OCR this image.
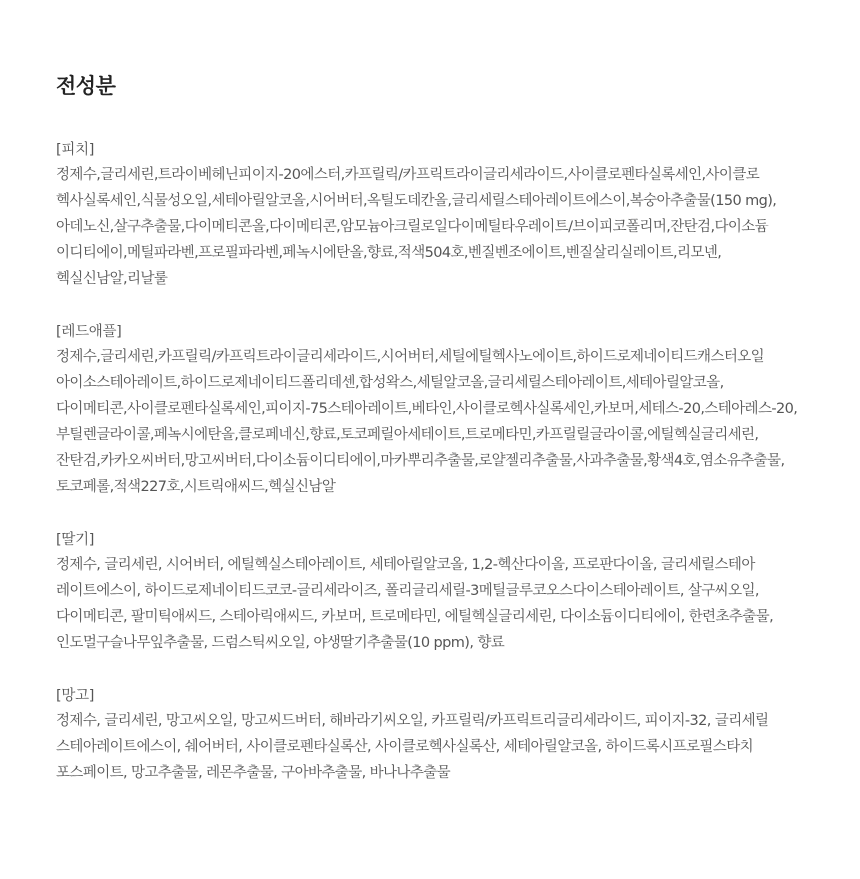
전성분

[피치]

정제수,글리세린,트라이베헤닌피이지-20에스터,카프릴릭/카프릭트라이글리세라이드,사이클로펜타실록세인,사이클로
헥사실록세인,식물성오일,세테아릴알코올,시어버터,옥틸도데칸올,글리세릴스테아레이트에스이,복숭아추출물(150 mg),
아데노신,살구추출물,다이메티콘올,다이메티콘,암모늄아크릴로일다이메틸타우레이트/브이피코폴리머,잔탄검,다이소듐
이디티에이,메틸파라벤,프로필파라벤,페녹시에탄올,향료,적색504호,벤질벤조에이트,벤질살리실레이트,리모넨,
헥실신남알,리날룰

[레드애플]

정제수,글리세린,카프릴릭/카프릭트라이글리세라이드,시어버터,세틸에틸헥사노에이트,하이드로제네이티드캐스터오일
아이소스테아레이트,하이드로제네이티드폴리데센,합성왁스,세틸알코올,글리세릴스테아레이트,세테아릴알코올,
다이메티콘,사이클로펜타실록세인,피이지-75스테아레이트,베타인,사이클로헥사실록세인,카보머,세테스-20,스테아레스-20,
부틸렌글라이콜,페녹시에탄올,클로페네신,향료,토코페릴아세테이트,트로메타민,카프릴릴글라이콜,에틸헥실글리세린,
잔탄검,카카오씨버터,망고씨버터,다이소듐이디티에이,마카뿌리추출물,로얄젤리추출물,사과추출물,황색4호,염소유추출물,
토코페롤,적색227호,시트릭애씨드,헥실신남알

[딸기]

정제수, 글리세린, 시어버터, 에틸헥실스테아레이트, 세테아릴알코올, 1,2-헥산다이올, 프로판다이올, 글리세릴스테아
레이트에스이, 하이드로제네이티드코코-글리세라이즈, 폴리글리세릴-3메틸글루코오스다이스테아레이트, 살구씨오일,
다이메티콘, 팔미틱애씨드, 스테아릭애씨드, 카보머, 트로메타민, 에틸헥실글리세린, 다이소듐이디티에이, 한련초추출물,
인도멀구슬나무잎추출물, 드럼스틱씨오일, 야생딸기추출물(10 ppm), 향료

[망고]

정제수, 글리세린, 망고씨오일, 망고씨드버터, 해바라기씨오일, 카프릴릭/카프릭트리글리세라이드, 피이지-32, 글리세릴
스테아레이트에스이, 쉐어버터, 사이클로펜타실록산, 사이클로헥사실록산, 세테아릴알코올, 하이드록시프로필스타치
포스페이트, 망고추출물, 레몬추출물, 구아바추출물, 바나나추출물
